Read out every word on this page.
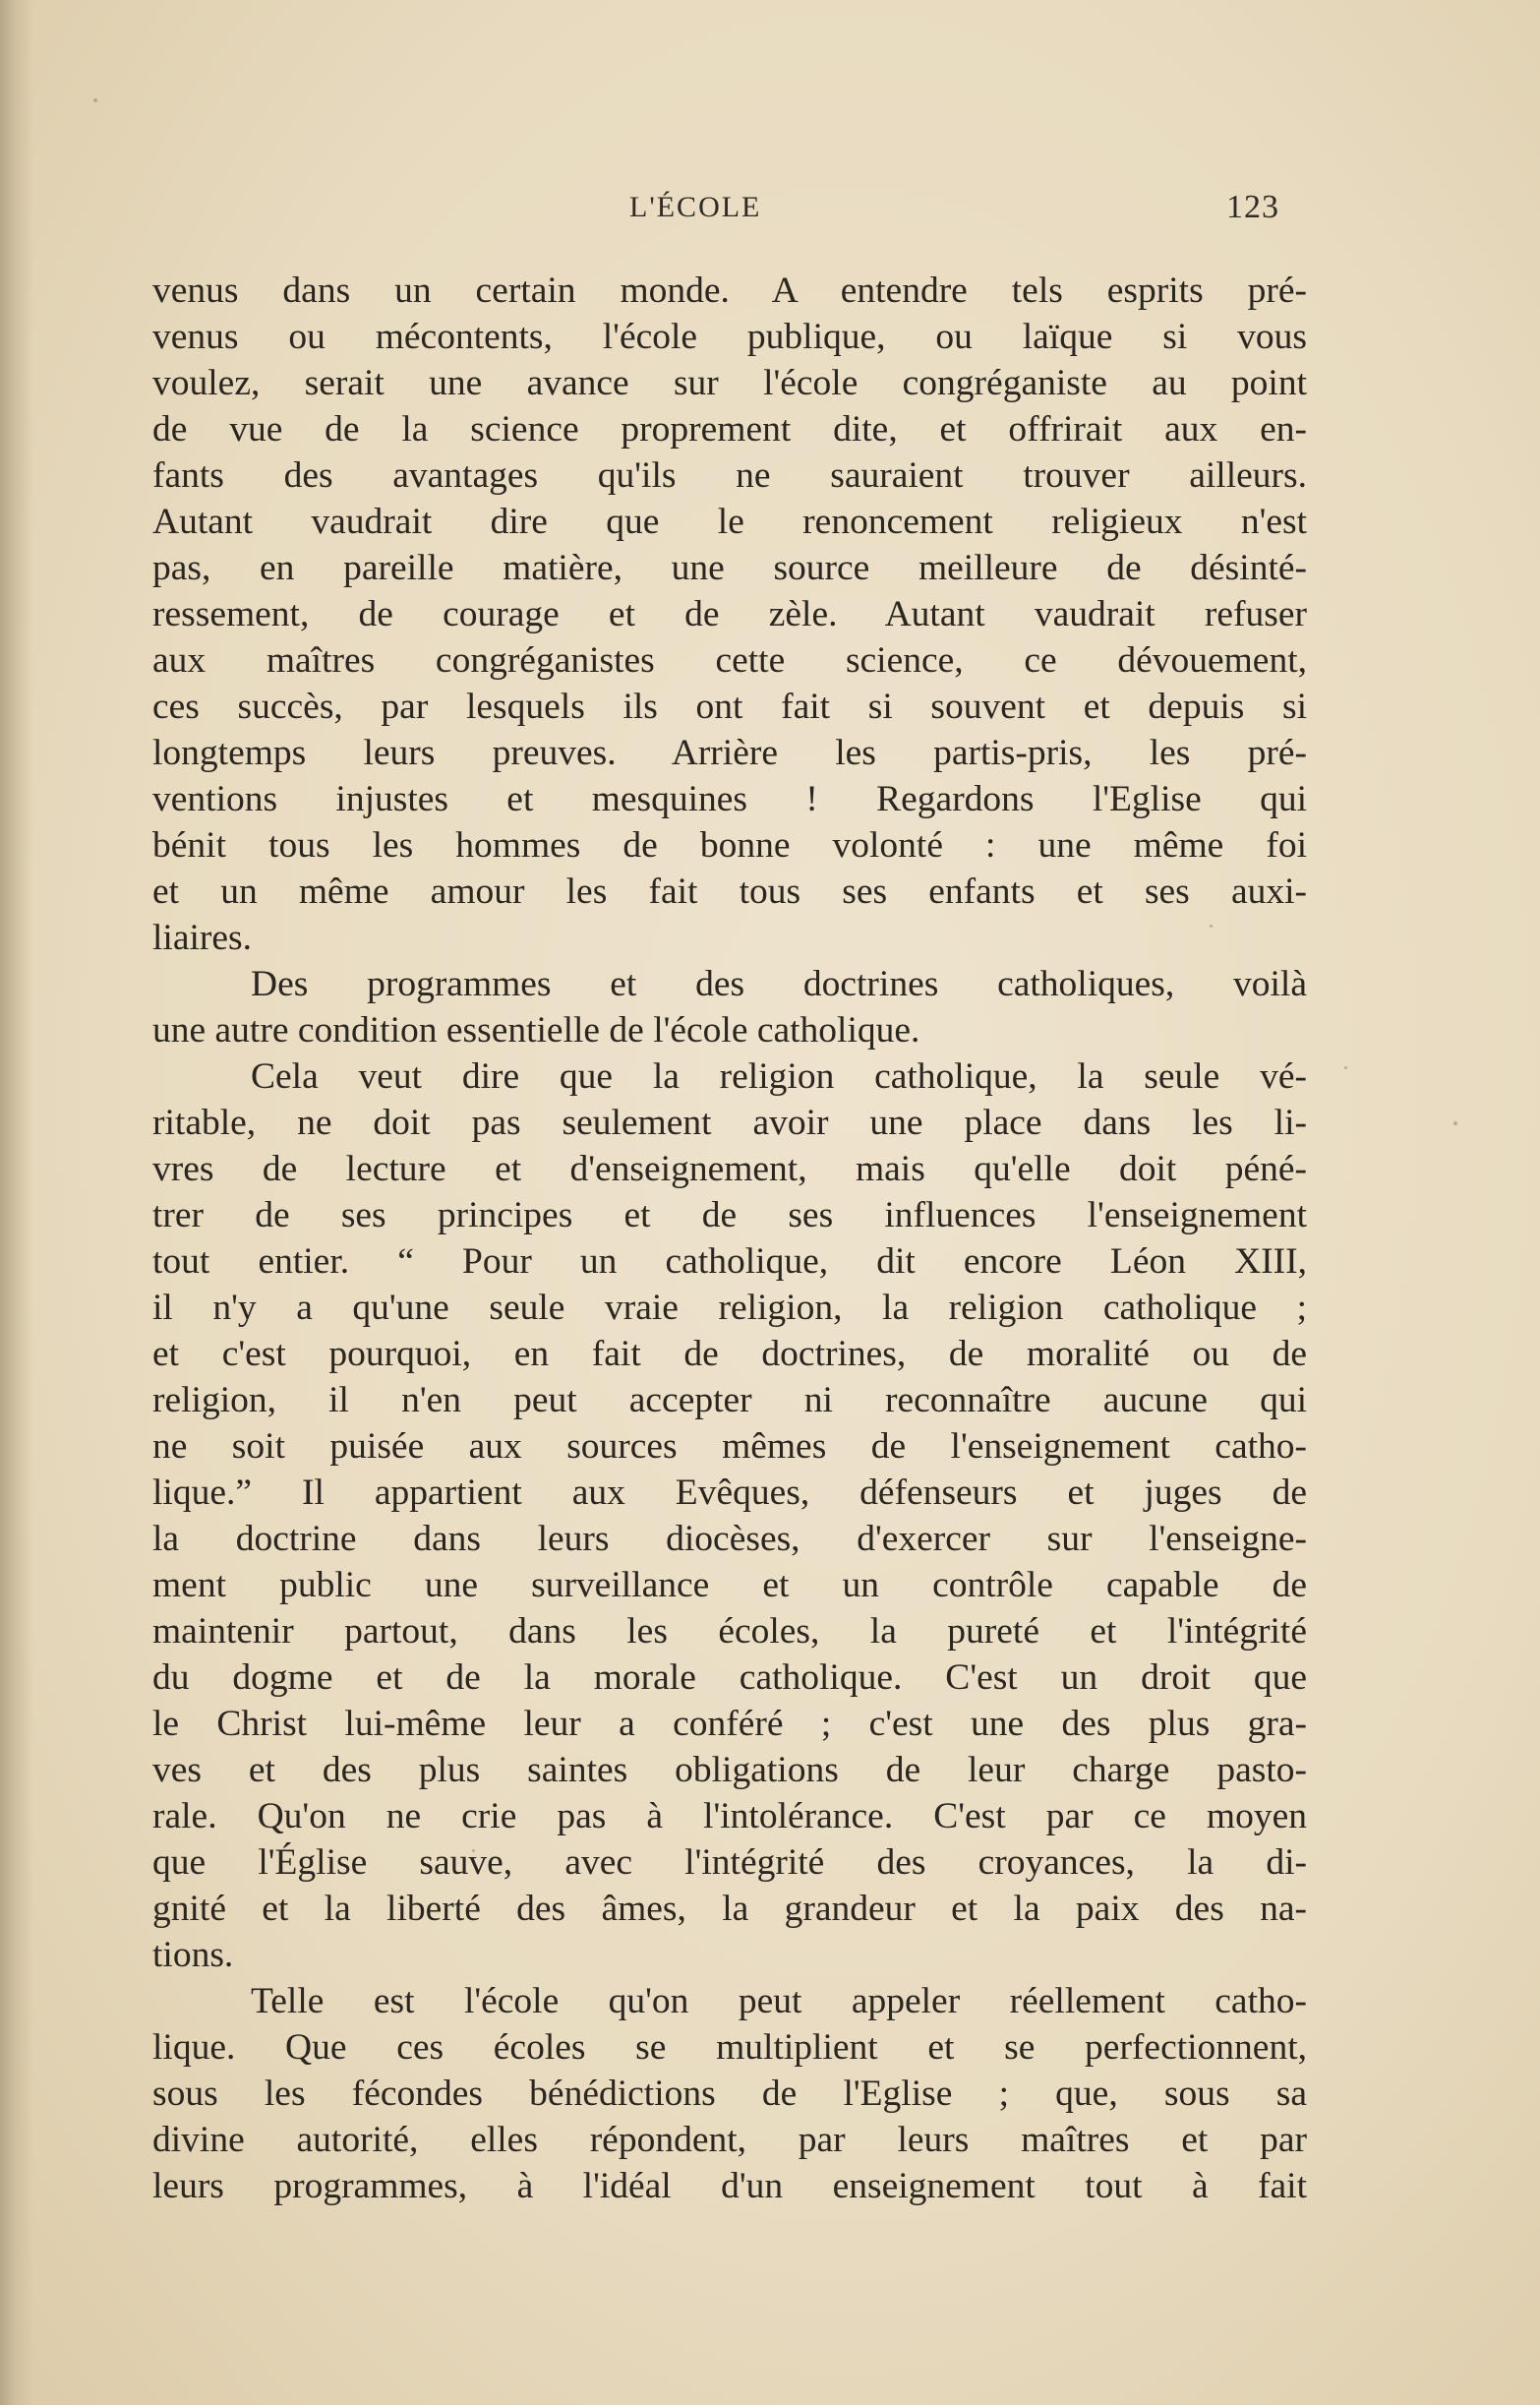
L'ÉCOLE	123
venus dans un certain monde. A entendre tels esprits pré-
venus ou mécontents, l'école publique, ou laïque si vous
voulez, serait une avance sur l'école congréganiste au point
de vue de la science proprement dite, et offrirait aux en-
fants des avantages qu'ils ne sauraient trouver ailleurs.
Autant vaudrait dire que le renoncement religieux n'est
pas, en pareille matière, une source meilleure de désinté-
ressement, de courage et de zèle. Autant vaudrait refuser
aux maîtres congréganistes cette science, ce dévouement,
ces succès, par lesquels ils ont fait si souvent et depuis si
longtemps leurs preuves. Arrière les partis-pris, les pré-
ventions injustes et mesquines ! Regardons l'Eglise qui
bénit tous les hommes de bonne volonté : une même foi
et un même amour les fait tous ses enfants et ses auxi-
liaires.
Des programmes et des doctrines catholiques, voilà
une autre condition essentielle de l'école catholique.
Cela veut dire que la religion catholique, la seule vé-
ritable, ne doit pas seulement avoir une place dans les li-
vres de lecture et d'enseignement, mais qu'elle doit péné-
trer de ses principes et de ses influences l'enseignement
tout entier. “ Pour un catholique, dit encore Léon XIII,
il n'y a qu'une seule vraie religion, la religion catholique ;
et c'est pourquoi, en fait de doctrines, de moralité ou de
religion, il n'en peut accepter ni reconnaître aucune qui
ne soit puisée aux sources mêmes de l'enseignement catho-
lique.” Il appartient aux Evêques, défenseurs et juges de
la doctrine dans leurs diocèses, d'exercer sur l'enseigne-
ment public une surveillance et un contrôle capable de
maintenir partout, dans les écoles, la pureté et l'intégrité
du dogme et de la morale catholique. C'est un droit que
le Christ lui-même leur a conféré ; c'est une des plus gra-
ves et des plus saintes obligations de leur charge pasto-
rale. Qu'on ne crie pas à l'intolérance. C'est par ce moyen
que l'Église sauve, avec l'intégrité des croyances, la di-
gnité et la liberté des âmes, la grandeur et la paix des na-
tions.
Telle est l'école qu'on peut appeler réellement catho-
lique. Que ces écoles se multiplient et se perfectionnent,
sous les fécondes bénédictions de l'Eglise ; que, sous sa
divine autorité, elles répondent, par leurs maîtres et par
leurs programmes, à l'idéal d'un enseignement tout à fait
